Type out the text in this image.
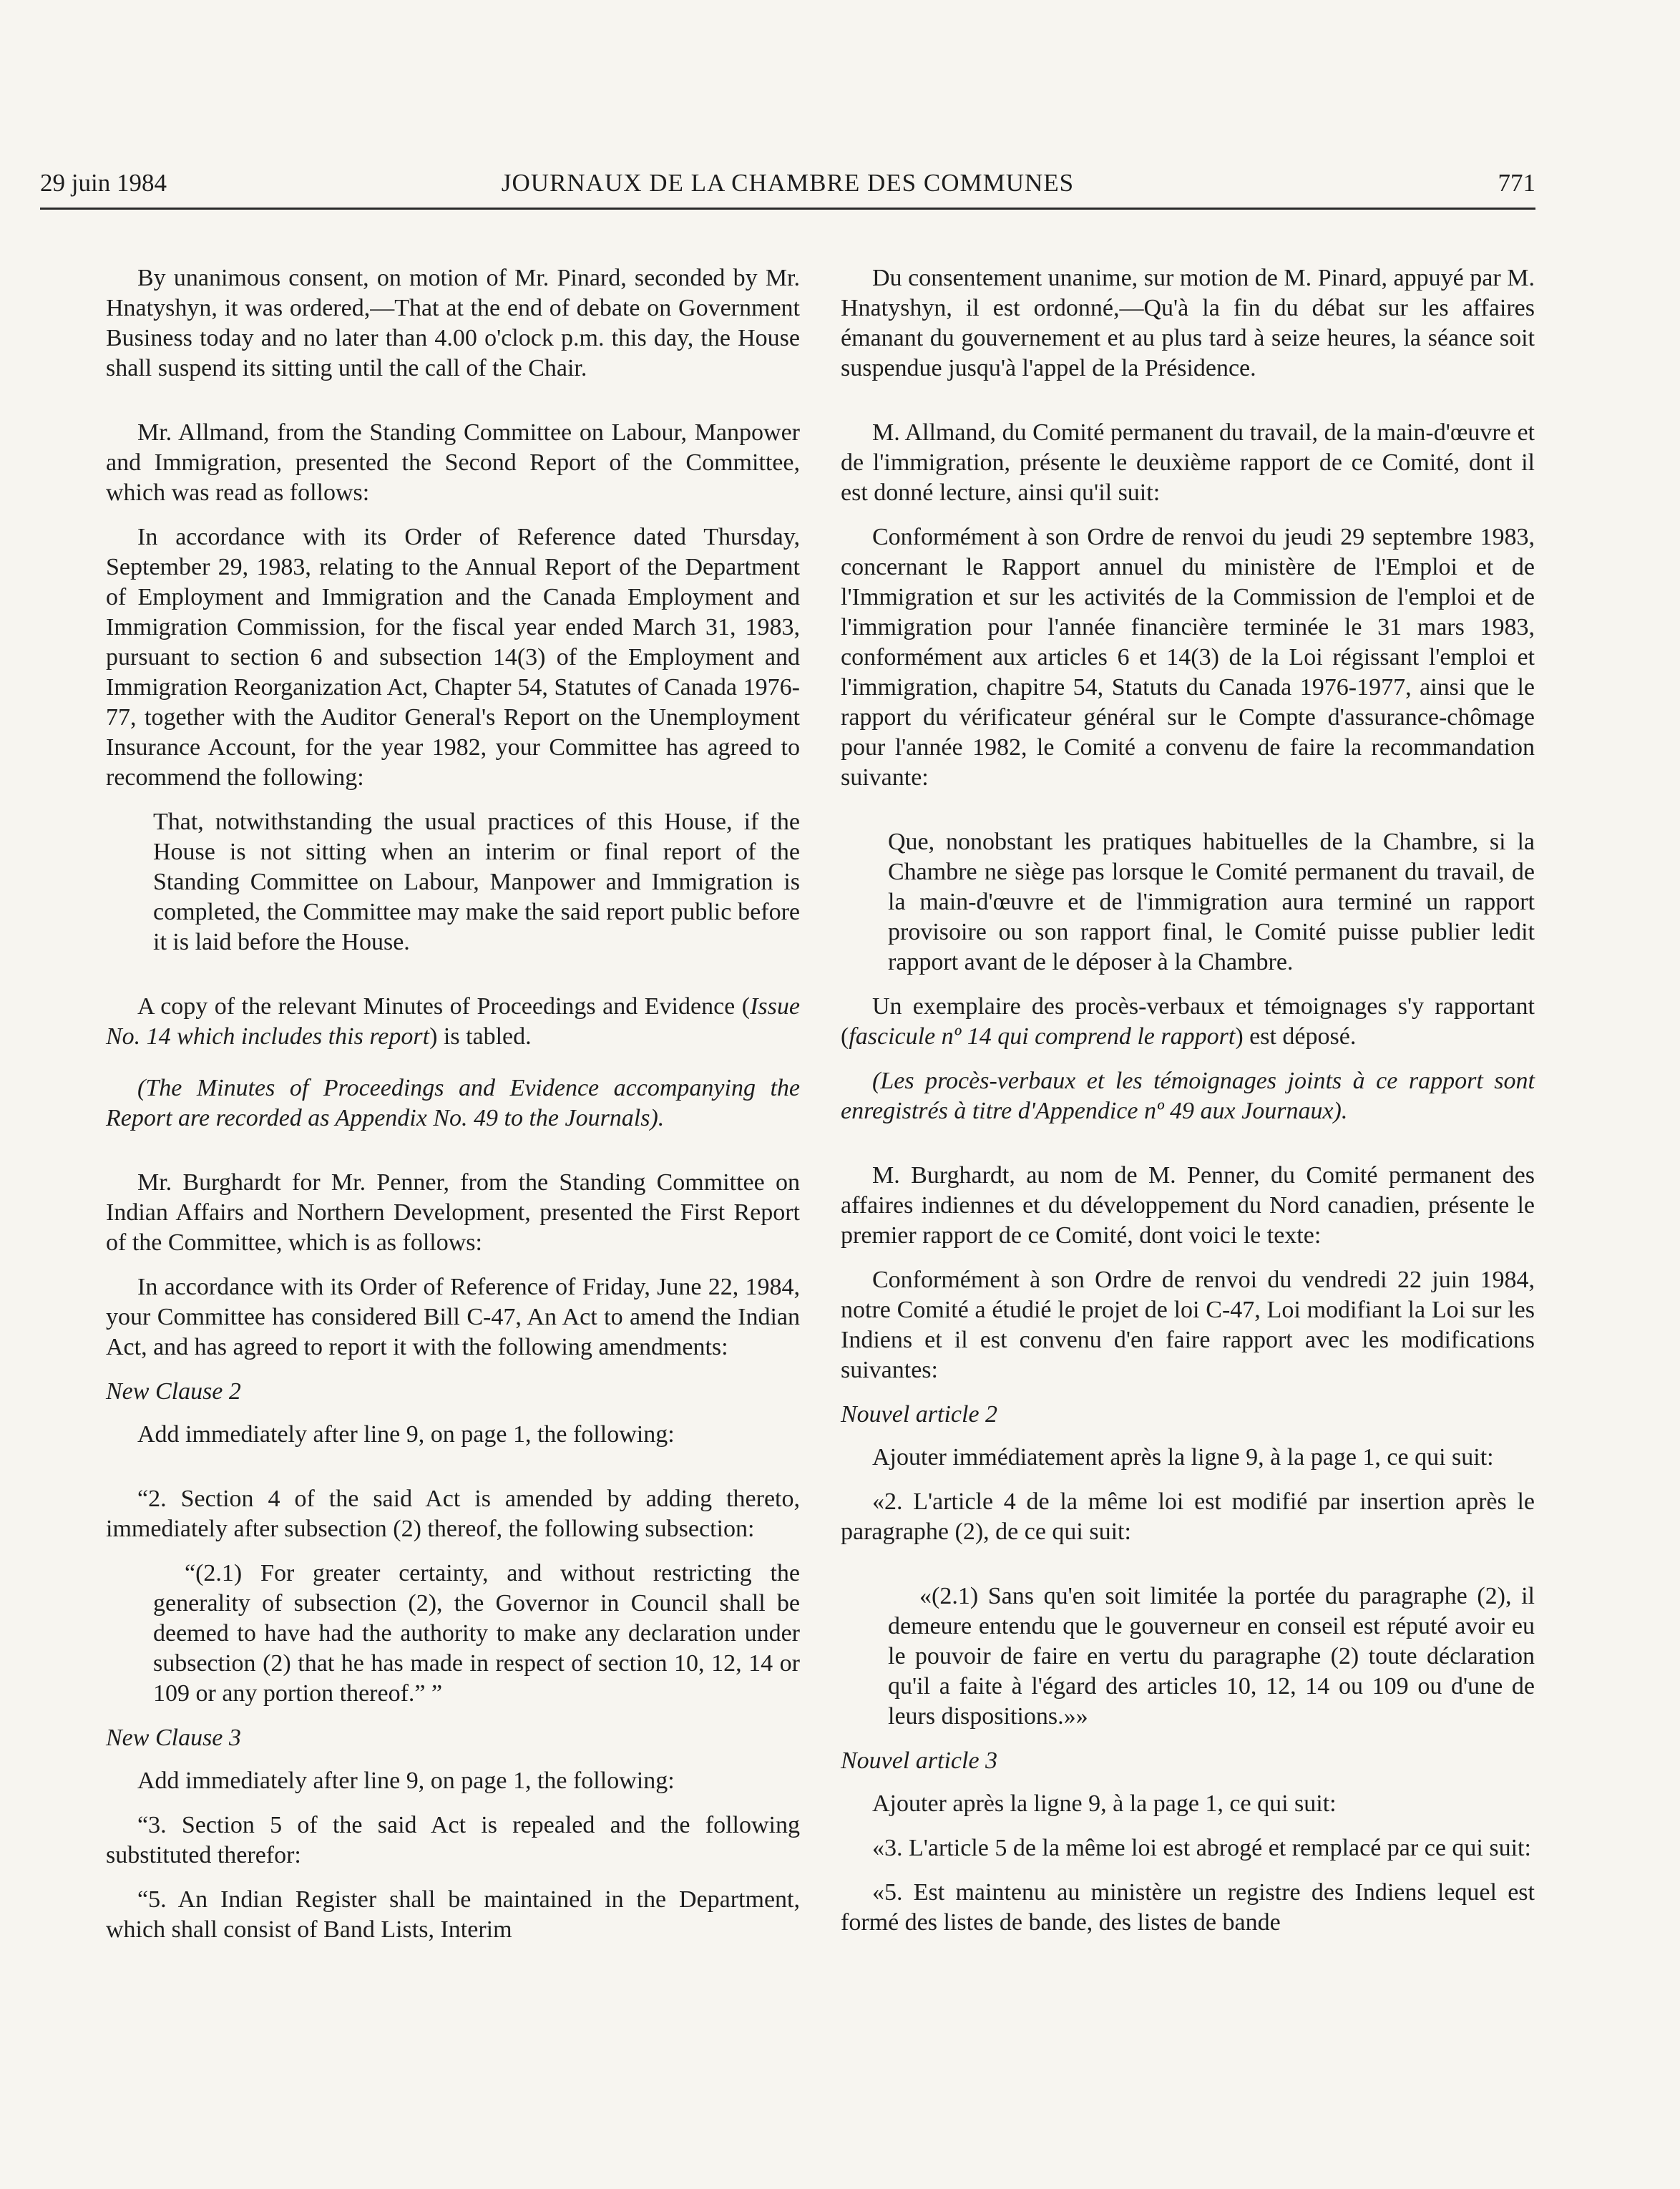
29 juin 1984	JOURNAUX DE LA CHAMBRE DES COMMUNES	771

By unanimous consent, on motion of Mr. Pinard, seconded by Mr. Hnatyshyn, it was ordered,—That at the end of debate on Government Business today and no later than 4.00 o'clock p.m. this day, the House shall suspend its sitting until the call of the Chair.

Mr. Allmand, from the Standing Committee on Labour, Manpower and Immigration, presented the Second Report of the Committee, which was read as follows:

In accordance with its Order of Reference dated Thursday, September 29, 1983, relating to the Annual Report of the Department of Employment and Immigration and the Canada Employment and Immigration Commission, for the fiscal year ended March 31, 1983, pursuant to section 6 and subsection 14(3) of the Employment and Immigration Reorganization Act, Chapter 54, Statutes of Canada 1976-77, together with the Auditor General's Report on the Unemployment Insurance Account, for the year 1982, your Committee has agreed to recommend the following:

That, notwithstanding the usual practices of this House, if the House is not sitting when an interim or final report of the Standing Committee on Labour, Manpower and Immigration is completed, the Committee may make the said report public before it is laid before the House.

A copy of the relevant Minutes of Proceedings and Evidence (Issue No. 14 which includes this report) is tabled.

(The Minutes of Proceedings and Evidence accompanying the Report are recorded as Appendix No. 49 to the Journals).

Mr. Burghardt for Mr. Penner, from the Standing Committee on Indian Affairs and Northern Development, presented the First Report of the Committee, which is as follows:

In accordance with its Order of Reference of Friday, June 22, 1984, your Committee has considered Bill C-47, An Act to amend the Indian Act, and has agreed to report it with the following amendments:

New Clause 2

Add immediately after line 9, on page 1, the following:

“2. Section 4 of the said Act is amended by adding thereto, immediately after subsection (2) thereof, the following subsection:

“(2.1) For greater certainty, and without restricting the generality of subsection (2), the Governor in Council shall be deemed to have had the authority to make any declaration under subsection (2) that he has made in respect of section 10, 12, 14 or 109 or any portion thereof.” ”

New Clause 3

Add immediately after line 9, on page 1, the following:

“3. Section 5 of the said Act is repealed and the following substituted therefor:

“5. An Indian Register shall be maintained in the Department, which shall consist of Band Lists, Interim

Du consentement unanime, sur motion de M. Pinard, appuyé par M. Hnatyshyn, il est ordonné,—Qu'à la fin du débat sur les affaires émanant du gouvernement et au plus tard à seize heures, la séance soit suspendue jusqu'à l'appel de la Présidence.

M. Allmand, du Comité permanent du travail, de la main-d'œuvre et de l'immigration, présente le deuxième rapport de ce Comité, dont il est donné lecture, ainsi qu'il suit:

Conformément à son Ordre de renvoi du jeudi 29 septembre 1983, concernant le Rapport annuel du ministère de l'Emploi et de l'Immigration et sur les activités de la Commission de l'emploi et de l'immigration pour l'année financière terminée le 31 mars 1983, conformément aux articles 6 et 14(3) de la Loi régissant l'emploi et l'immigration, chapitre 54, Statuts du Canada 1976-1977, ainsi que le rapport du vérificateur général sur le Compte d'assurance-chômage pour l'année 1982, le Comité a convenu de faire la recommandation suivante:

Que, nonobstant les pratiques habituelles de la Chambre, si la Chambre ne siège pas lorsque le Comité permanent du travail, de la main-d'œuvre et de l'immigration aura terminé un rapport provisoire ou son rapport final, le Comité puisse publier ledit rapport avant de le déposer à la Chambre.

Un exemplaire des procès-verbaux et témoignages s'y rapportant (fascicule nº 14 qui comprend le rapport) est déposé.

(Les procès-verbaux et les témoignages joints à ce rapport sont enregistrés à titre d'Appendice nº 49 aux Journaux).

M. Burghardt, au nom de M. Penner, du Comité permanent des affaires indiennes et du développement du Nord canadien, présente le premier rapport de ce Comité, dont voici le texte:

Conformément à son Ordre de renvoi du vendredi 22 juin 1984, notre Comité a étudié le projet de loi C-47, Loi modifiant la Loi sur les Indiens et il est convenu d'en faire rapport avec les modifications suivantes:

Nouvel article 2

Ajouter immédiatement après la ligne 9, à la page 1, ce qui suit:

«2. L'article 4 de la même loi est modifié par insertion après le paragraphe (2), de ce qui suit:

«(2.1) Sans qu'en soit limitée la portée du paragraphe (2), il demeure entendu que le gouverneur en conseil est réputé avoir eu le pouvoir de faire en vertu du paragraphe (2) toute déclaration qu'il a faite à l'égard des articles 10, 12, 14 ou 109 ou d'une de leurs dispositions.»»

Nouvel article 3

Ajouter après la ligne 9, à la page 1, ce qui suit:

«3. L'article 5 de la même loi est abrogé et remplacé par ce qui suit:

«5. Est maintenu au ministère un registre des Indiens lequel est formé des listes de bande, des listes de bande
